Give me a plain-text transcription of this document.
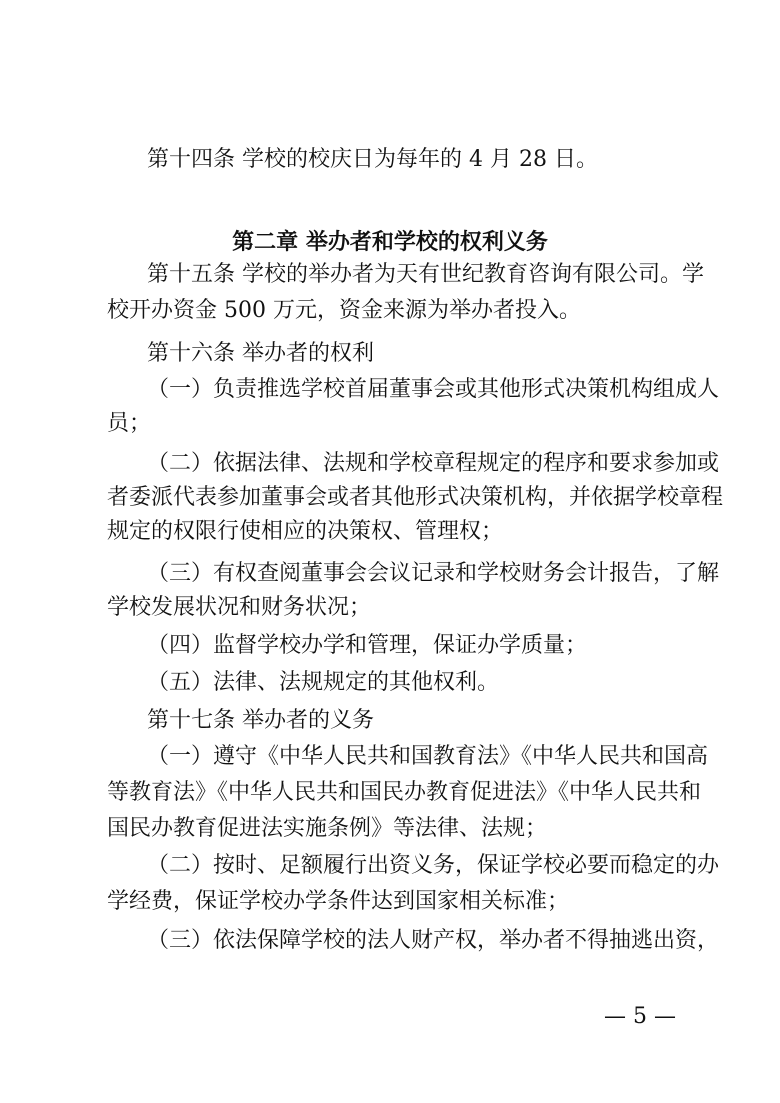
第十四条 学校的校庆日为每年的 4 月 28 日。
第二章 举办者和学校的权利义务
第十五条 学校的举办者为天有世纪教育咨询有限公司。学
校开办资金 500 万元，资金来源为举办者投入。
第十六条 举办者的权利
（一）负责推选学校首届董事会或其他形式决策机构组成人
员；
（二）依据法律、法规和学校章程规定的程序和要求参加或
者委派代表参加董事会或者其他形式决策机构，并依据学校章程
规定的权限行使相应的决策权、管理权；
（三）有权查阅董事会会议记录和学校财务会计报告，了解
学校发展状况和财务状况；
（四）监督学校办学和管理，保证办学质量；
（五）法律、法规规定的其他权利。
第十七条 举办者的义务
（一）遵守《中华人民共和国教育法》《中华人民共和国高
等教育法》《中华人民共和国民办教育促进法》《中华人民共和
国民办教育促进法实施条例》等法律、法规；
（二）按时、足额履行出资义务，保证学校必要而稳定的办
学经费，保证学校办学条件达到国家相关标准；
（三）依法保障学校的法人财产权，举办者不得抽逃出资，
— 5 —
